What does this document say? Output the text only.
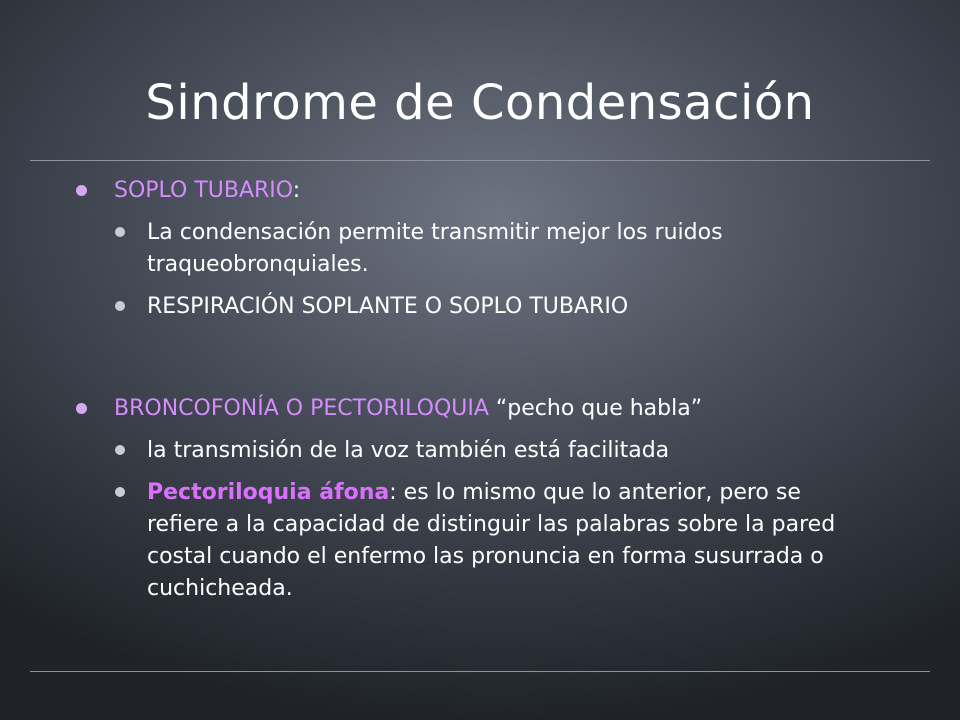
Sindrome de Condensación

SOPLO TUBARIO:

La condensación permite transmitir mejor los ruidos traqueobronquiales.

RESPIRACIÓN SOPLANTE O SOPLO TUBARIO

BRONCOFONÍA O PECTORILOQUIA “pecho que habla”

la transmisión de la voz también está facilitada

Pectoriloquia áfona: es lo mismo que lo anterior, pero se refiere a la capacidad de distinguir las palabras sobre la pared costal cuando el enfermo las pronuncia en forma susurrada o cuchicheada.
